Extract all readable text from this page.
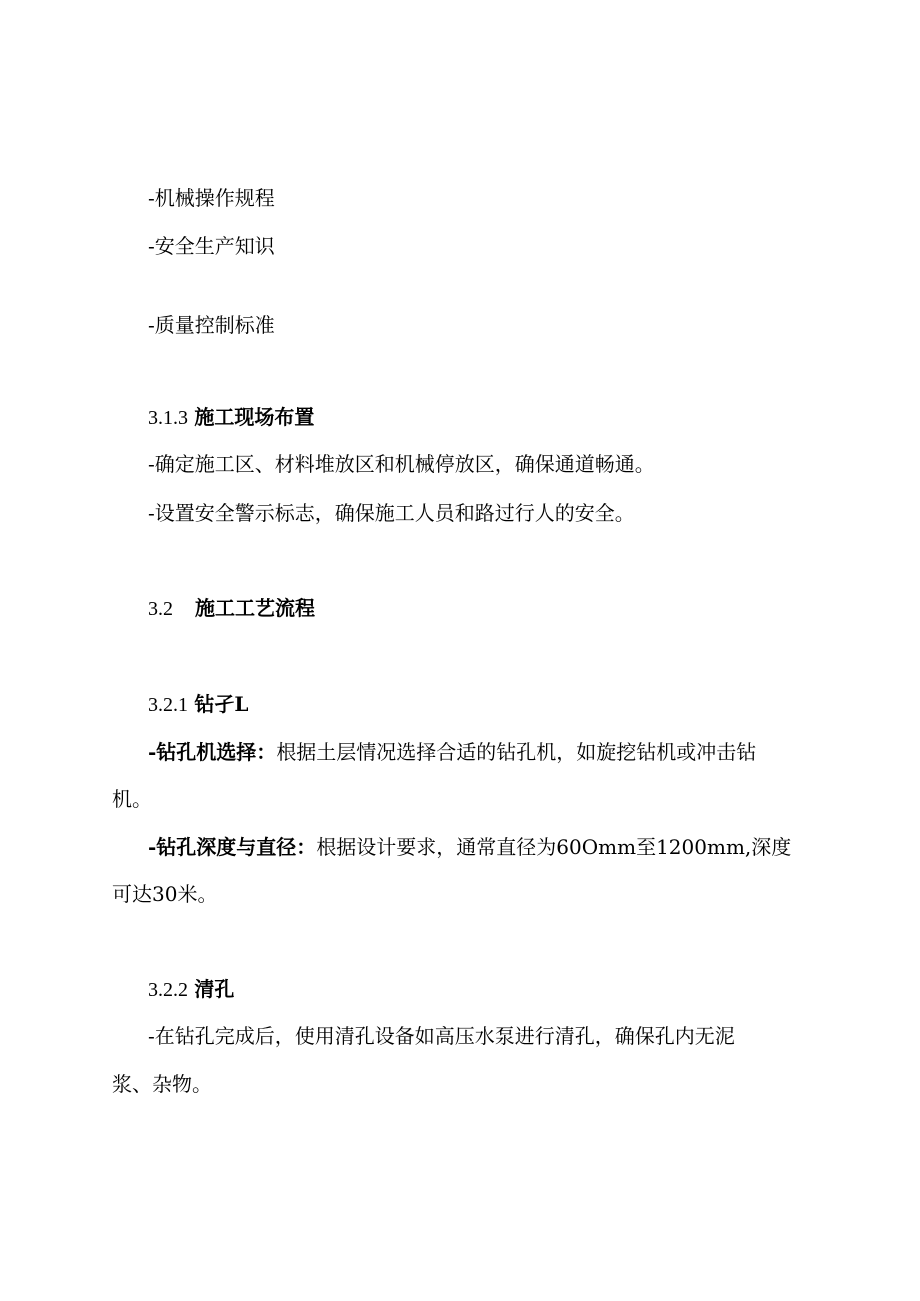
-机械操作规程
-安全生产知识
-质量控制标准
3.1.3 施工现场布置
-确定施工区、材料堆放区和机械停放区，确保通道畅通。
-设置安全警示标志，确保施工人员和路过行人的安全。
3.2 施工工艺流程
3.2.1 钻孑L
-钻孔机选择：根据土层情况选择合适的钻孔机，如旋挖钻机或冲击钻
机。
-钻孔深度与直径：根据设计要求，通常直径为60Omm至1200mm,深度
可达30米。
3.2.2 清孔
-在钻孔完成后，使用清孔设备如高压水泵进行清孔，确保孔内无泥
浆、杂物。
